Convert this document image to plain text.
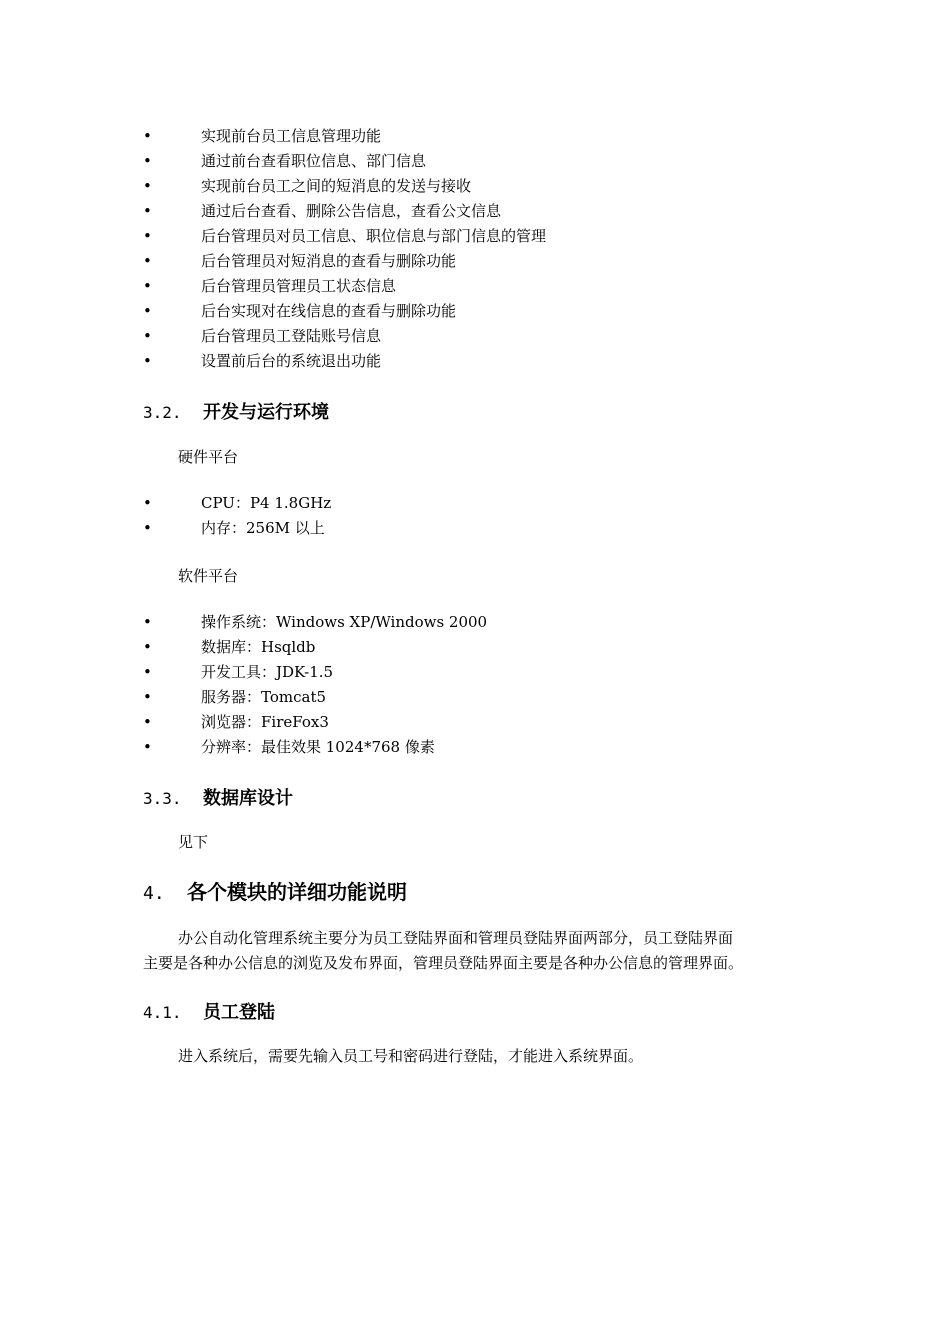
•	实现前台员工信息管理功能
•	通过前台查看职位信息、部门信息
•	实现前台员工之间的短消息的发送与接收
•	通过后台查看、删除公告信息，查看公文信息
•	后台管理员对员工信息、职位信息与部门信息的管理
•	后台管理员对短消息的查看与删除功能
•	后台管理员管理员工状态信息
•	后台实现对在线信息的查看与删除功能
•	后台管理员工登陆账号信息
•	设置前后台的系统退出功能
3.2. 开发与运行环境
硬件平台
•	CPU：P4 1.8GHz
•	内存：256M 以上
软件平台
•	操作系统：Windows XP/Windows 2000
•	数据库：Hsqldb
•	开发工具：JDK-1.5
•	服务器：Tomcat5
•	浏览器：FireFox3
•	分辨率：最佳效果 1024*768 像素
3.3. 数据库设计
见下
4. 各个模块的详细功能说明
办公自动化管理系统主要分为员工登陆界面和管理员登陆界面两部分，员工登陆界面
主要是各种办公信息的浏览及发布界面，管理员登陆界面主要是各种办公信息的管理界面。
4.1. 员工登陆
进入系统后，需要先输入员工号和密码进行登陆，才能进入系统界面。
